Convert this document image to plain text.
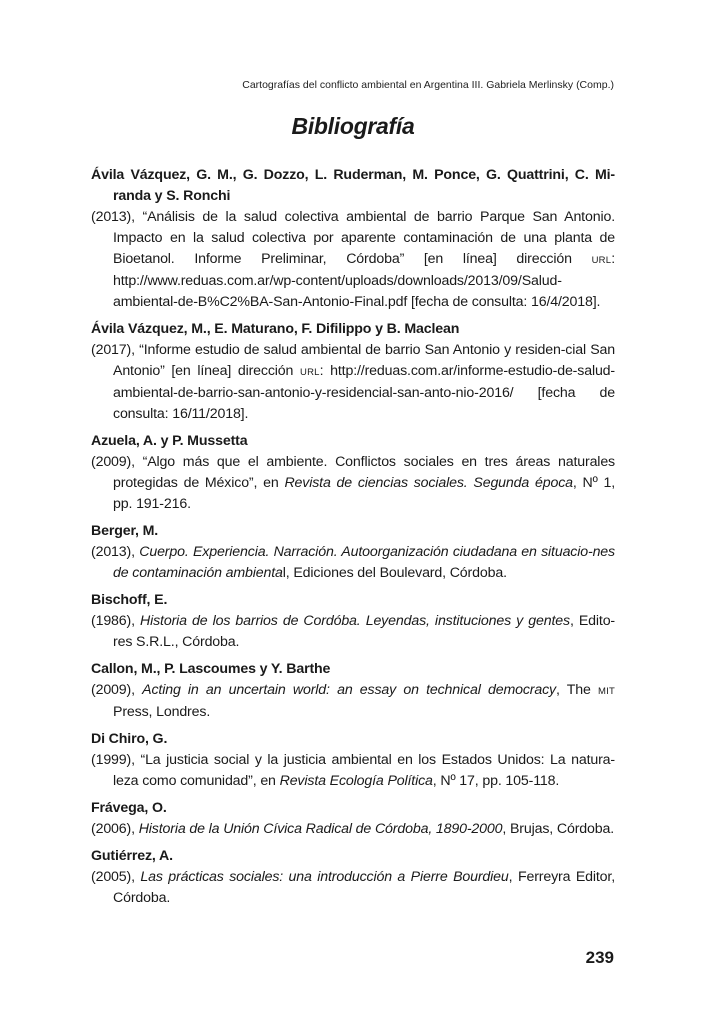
Cartografías del conflicto ambiental en Argentina III. Gabriela Merlinsky (Comp.)
Bibliografía
Ávila Vázquez, G. M., G. Dozzo, L. Ruderman, M. Ponce, G. Quattrini, C. Mi-randa y S. Ronchi
(2013), “Análisis de la salud colectiva ambiental de barrio Parque San Antonio. Impacto en la salud colectiva por aparente contaminación de una planta de Bioetanol. Informe Preliminar, Córdoba” [en línea] dirección URL: http://www.reduas.com.ar/wp-content/uploads/downloads/2013/09/Salud-ambiental-de-B%C2%BA-San-Antonio-Final.pdf [fecha de consulta: 16/4/2018].
Ávila Vázquez, M., E. Maturano, F. Difilippo y B. Maclean
(2017), “Informe estudio de salud ambiental de barrio San Antonio y residen-cial San Antonio” [en línea] dirección URL: http://reduas.com.ar/informe-estudio-de-salud-ambiental-de-barrio-san-antonio-y-residencial-san-anto-nio-2016/ [fecha de consulta: 16/11/2018].
Azuela, A. y P. Mussetta
(2009), “Algo más que el ambiente. Conflictos sociales en tres áreas naturales protegidas de México”, en Revista de ciencias sociales. Segunda época, Nº 1, pp. 191-216.
Berger, M.
(2013), Cuerpo. Experiencia. Narración. Autoorganización ciudadana en situacio-nes de contaminación ambiental, Ediciones del Boulevard, Córdoba.
Bischoff, E.
(1986), Historia de los barrios de Cordóba. Leyendas, instituciones y gentes, Edito-res S.R.L., Córdoba.
Callon, M., P. Lascoumes y Y. Barthe
(2009), Acting in an uncertain world: an essay on technical democracy, The MIT Press, Londres.
Di Chiro, G.
(1999), “La justicia social y la justicia ambiental en los Estados Unidos: La natura-leza como comunidad”, en Revista Ecología Política, Nº 17, pp. 105-118.
Frávega, O.
(2006), Historia de la Unión Cívica Radical de Córdoba, 1890-2000, Brujas, Córdoba.
Gutiérrez, A.
(2005), Las prácticas sociales: una introducción a Pierre Bourdieu, Ferreyra Editor, Córdoba.
239
